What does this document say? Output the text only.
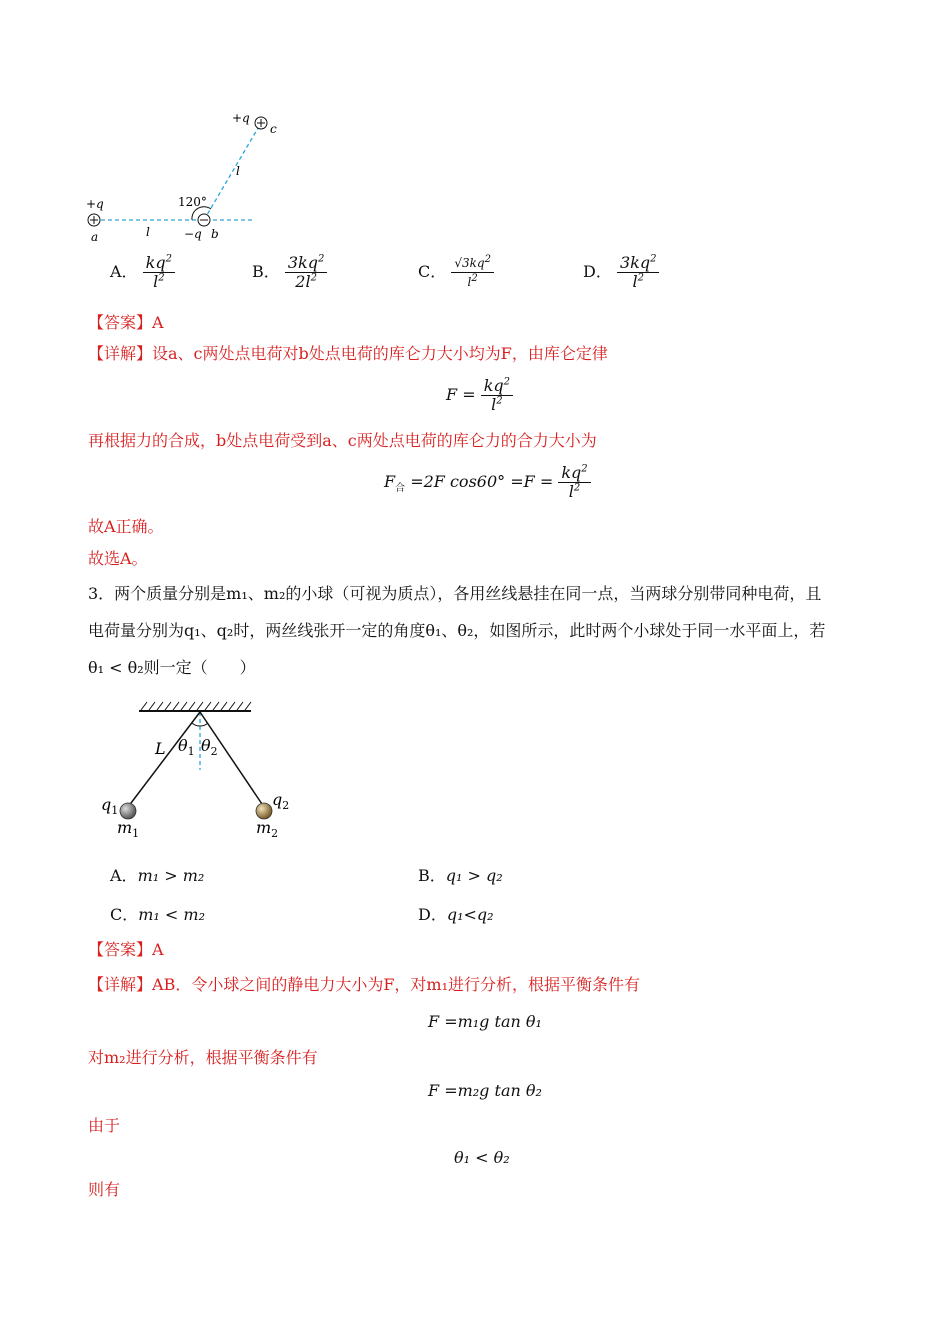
+q
c
l
120°
+q
a	l	−q b
A． $\frac{kq^2}{l^2}$	B． $\frac{3kq^2}{2l^2}$	C． $\frac{√3kq^2}{l^2}$	D． $\frac{3kq^2}{l^2}$
【答案】A
【详解】设a、c两处点电荷对b处点电荷的库仑力大小均为F，由库仑定律
$F = \frac{kq^2}{l^2}$
再根据力的合成，b处点电荷受到a、c两处点电荷的库仑力的合力大小为
$F_合 =2F$ $\cos 60^\circ =F = \frac{kq^2}{l^2}$
故A正确。
故选A。
3．两个质量分别是m₁、m₂的小球（可视为质点），各用丝线悬挂在同一点，当两球分别带同种电荷，且
电荷量分别为q₁、q₂时，两丝线张开一定的角度θ₁、θ₂，如图所示，此时两个小球处于同一水平面上，若
θ₁ < θ₂则一定（　　）
L $\theta_1$ $\theta_2$
$q_1$
$m_1$
$q_2$
$m_2$
A．m₁ > m₂	B．q₁ > q₂
C．m₁ < m₂	D．q₁<q₂
【答案】A
【详解】AB．令小球之间的静电力大小为F，对m₁进行分析，根据平衡条件有
F =m₁g tan θ₁
对m₂进行分析，根据平衡条件有
F =m₂g tan θ₂
由于
θ₁ < θ₂
则有
